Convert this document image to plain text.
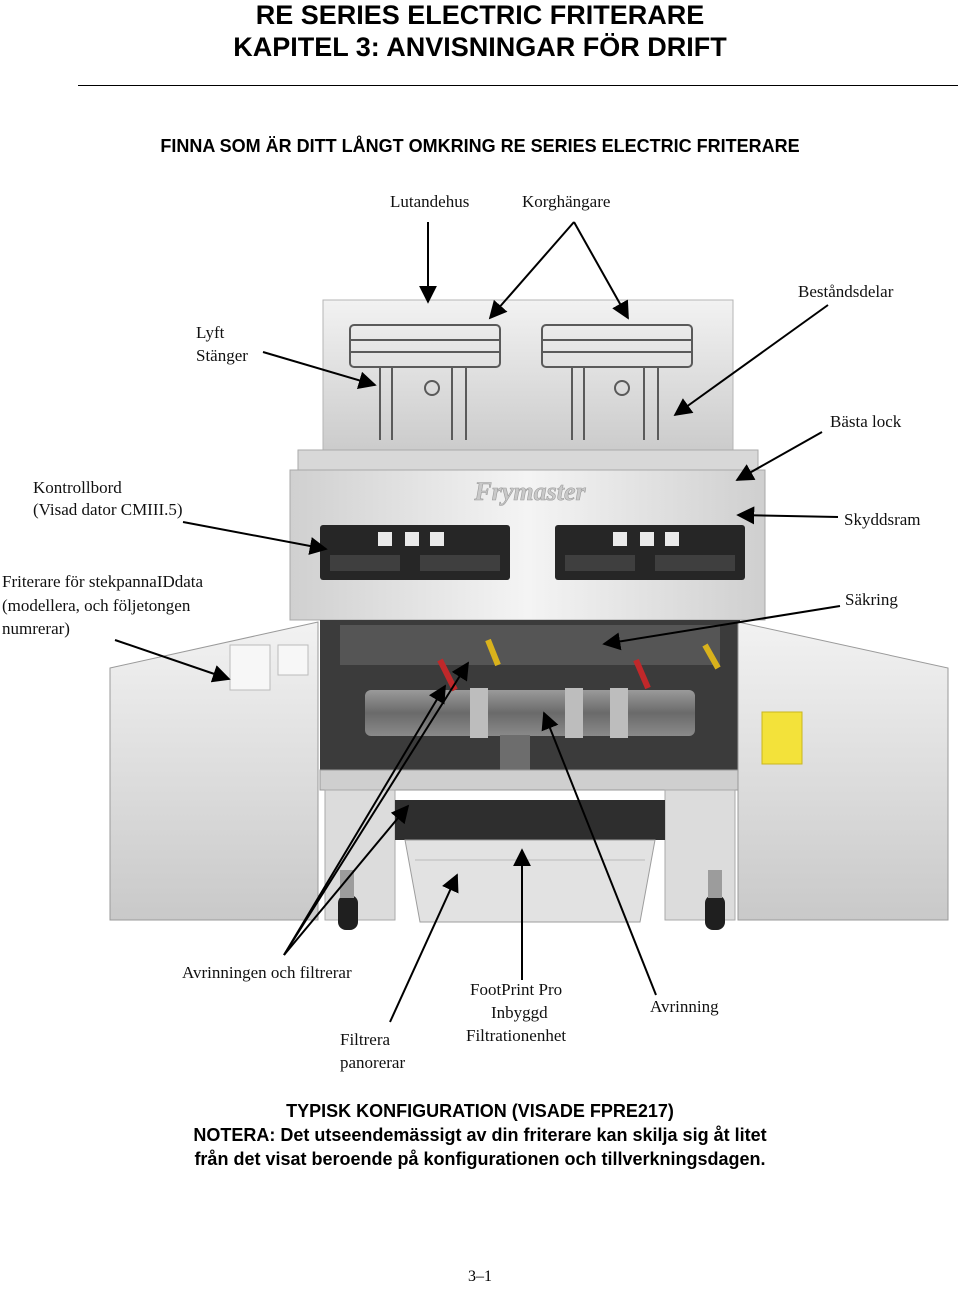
RE SERIES ELECTRIC FRITERARE
KAPITEL 3: ANVISNINGAR FÖR DRIFT
FINNA SOM ÄR DITT LÅNGT OMKRING RE SERIES ELECTRIC FRITERARE
Frymaster
Lutandehus	Korghängare
Beståndsdelar
Lyft
Stänger
Bästa lock
Kontrollbord
(Visad dator CMIII.5)
Skyddsram
Friterare för stekpannaIDdata
(modellera, och följetongen
numrerar)
Säkring
Avrinningen och filtrerar
Filtrera
panorerar
FootPrint Pro
Inbyggd
Filtrationenhet
Avrinning
TYPISK KONFIGURATION (VISADE FPRE217)
NOTERA: Det utseendemässigt av din friterare kan skilja sig åt litet
från det visat beroende på konfigurationen och tillverkningsdagen.
3–1
